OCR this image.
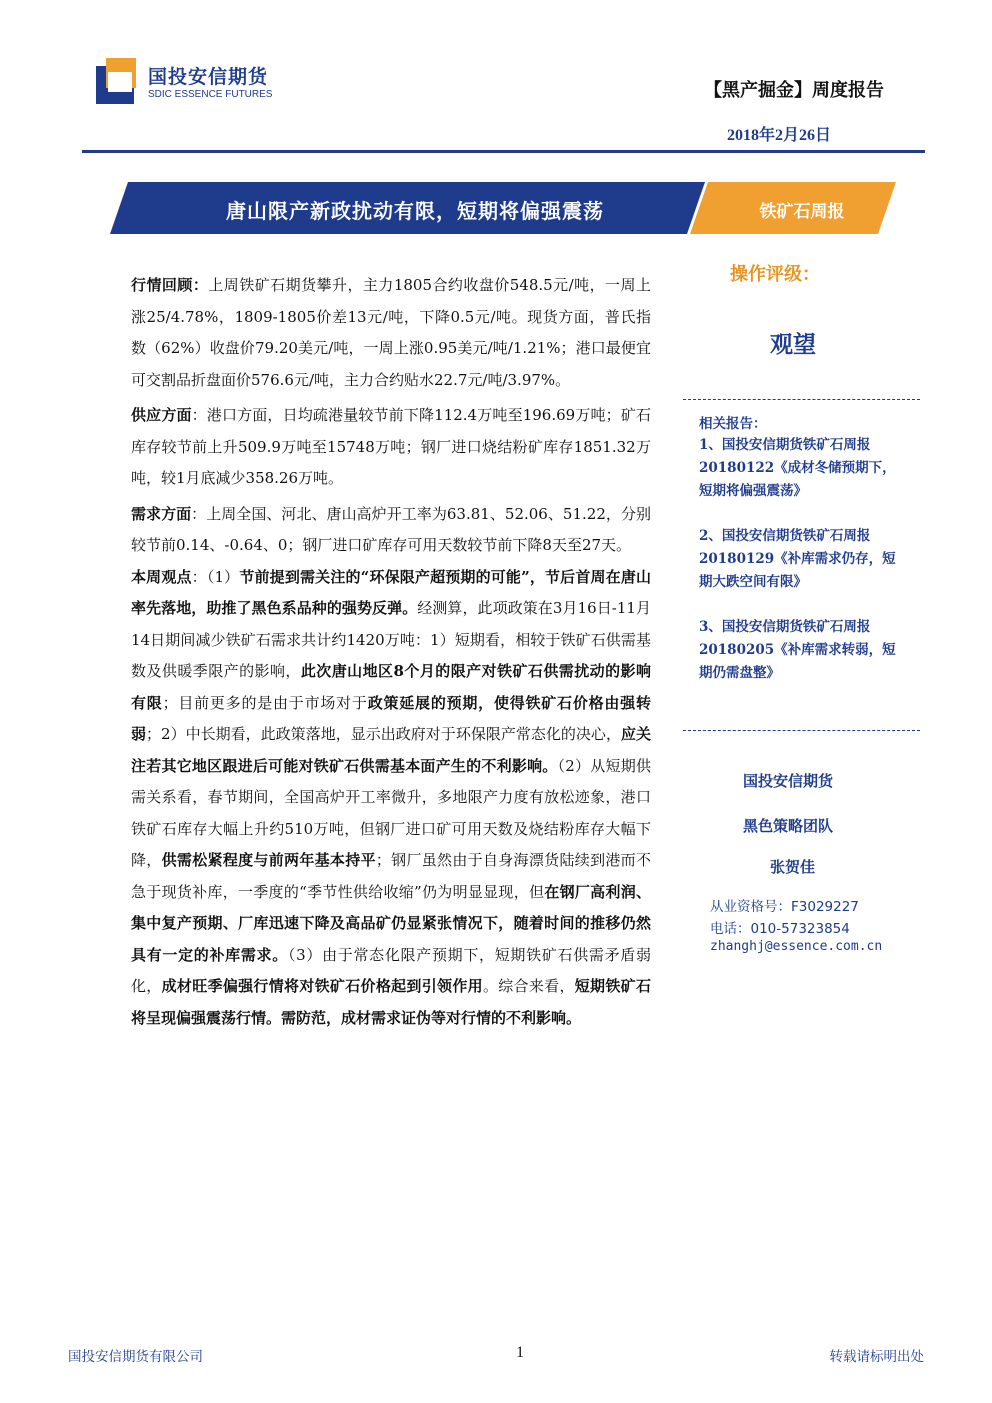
国投安信期货
SDIC ESSENCE FUTURES	【黑产掘金】周度报告
2018年2月26日
唐山限产新政扰动有限，短期将偏强震荡	铁矿石周报

行情回顾：上周铁矿石期货攀升，主力1805合约收盘价548.5元/吨，一周上涨25/4.78%，1809-1805价差13元/吨，下降0.5元/吨。现货方面，普氏指数（62%）收盘价79.20美元/吨，一周上涨0.95美元/吨/1.21%；港口最便宜可交割品折盘面价576.6元/吨，主力合约贴水22.7元/吨/3.97%。

供应方面：港口方面，日均疏港量较节前下降112.4万吨至196.69万吨；矿石库存较节前上升509.9万吨至15748万吨；钢厂进口烧结粉矿库存1851.32万吨，较1月底减少358.26万吨。

需求方面：上周全国、河北、唐山高炉开工率为63.81、52.06、51.22，分别较节前0.14、-0.64、0；钢厂进口矿库存可用天数较节前下降8天至27天。

本周观点：（1）节前提到需关注的“环保限产超预期的可能”，节后首周在唐山率先落地，助推了黑色系品种的强势反弹。经测算，此项政策在3月16日-11月14日期间减少铁矿石需求共计约1420万吨：1）短期看，相较于铁矿石供需基数及供暖季限产的影响，此次唐山地区8个月的限产对铁矿石供需扰动的影响有限；目前更多的是由于市场对于政策延展的预期，使得铁矿石价格由强转弱；2）中长期看，此政策落地，显示出政府对于环保限产常态化的决心，应关注若其它地区跟进后可能对铁矿石供需基本面产生的不利影响。（2）从短期供需关系看，春节期间，全国高炉开工率微升，多地限产力度有放松迹象，港口铁矿石库存大幅上升约510万吨，但钢厂进口矿可用天数及烧结粉库存大幅下降，供需松紧程度与前两年基本持平；钢厂虽然由于自身海漂货陆续到港而不急于现货补库，一季度的“季节性供给收缩”仍为明显显现，但在钢厂高利润、集中复产预期、厂库迅速下降及高品矿仍显紧张情况下，随着时间的推移仍然具有一定的补库需求。（3）由于常态化限产预期下，短期铁矿石供需矛盾弱化，成材旺季偏强行情将对铁矿石价格起到引领作用。综合来看，短期铁矿石将呈现偏强震荡行情。需防范，成材需求证伪等对行情的不利影响。

操作评级：
观望
相关报告：
1、国投安信期货铁矿石周报
20180122《成材冬储预期下，
短期将偏强震荡》
2、国投安信期货铁矿石周报
20180129《补库需求仍存，短
期大跌空间有限》
3、国投安信期货铁矿石周报
20180205《补库需求转弱，短
期仍需盘整》
国投安信期货
黑色策略团队
张贺佳
从业资格号：F3029227
电话：010-57323854
zhanghj@essence.com.cn
国投安信期货有限公司	1	转载请标明出处
